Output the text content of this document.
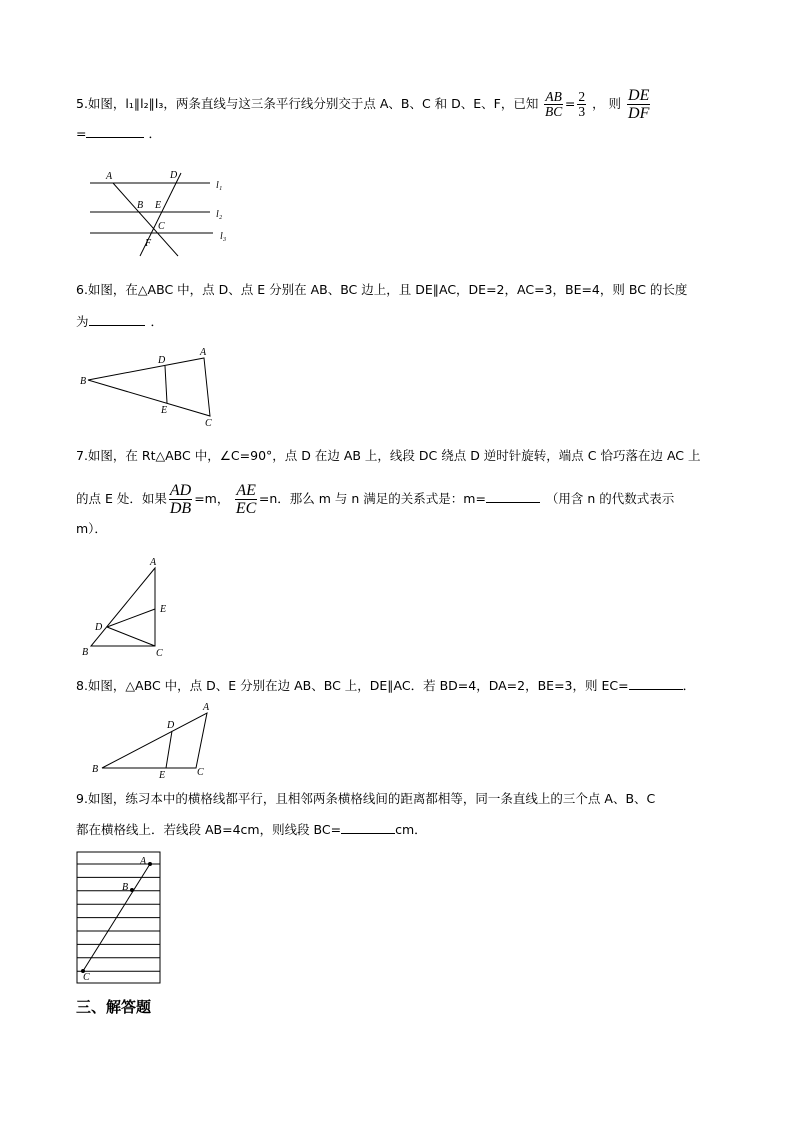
5.如图，l₁∥l₂∥l₃，两条直线与这三条平行线分别交于点 A、B、C 和 D、E、F，已知 $\frac{AB}{BC} = \frac{2}{3}$ ， 则 $\frac{DE}{DF}$
=	．
A	D
B E
C
F
l₁
l₂
l₃
6.如图，在△ABC 中，点 D、点 E 分别在 AB、BC 边上，且 DE∥AC，DE=2，AC=3，BE=4，则 BC 的长度
为	．
A
B
C
D
E
7.如图，在 Rt△ABC 中，∠C=90°，点 D 在边 AB 上，线段 DC 绕点 D 逆时针旋转，端点 C 恰巧落在边 AC 上
的点 E 处．如果 $\frac{AD}{DB} =m$， $\frac{AE}{EC} =n$．那么 m 与 n 满足的关系式是：m=	（用含 n 的代数式表示
m）．
A
B	C
D
E
8.如图，△ABC 中，点 D、E 分别在边 AB、BC 上，DE∥AC．若 BD=4，DA=2，BE=3，则 EC=	．
A
B	C
D
E
9.如图，练习本中的横格线都平行，且相邻两条横格线间的距离都相等，同一条直线上的三个点 A、B、C
都在横格线上．若线段 AB=4cm，则线段 BC=	cm．
A
B
C
三、解答题
